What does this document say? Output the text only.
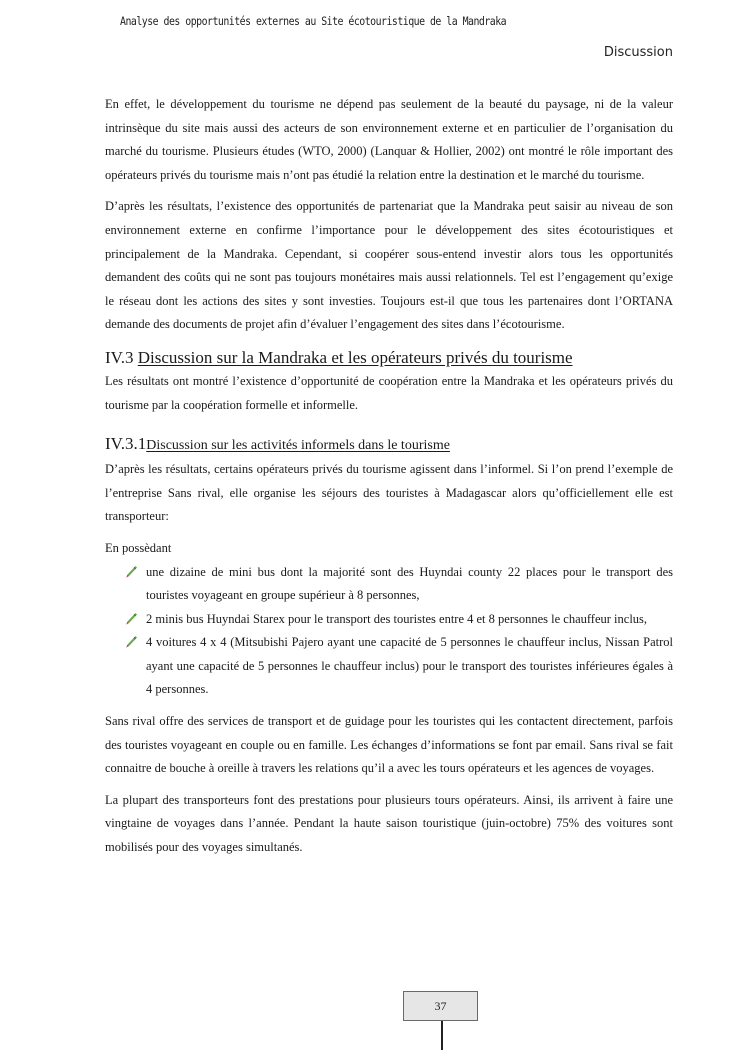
Analyse des opportunités externes au Site écotouristique de la Mandraka
Discussion

En effet, le développement du tourisme ne dépend pas seulement de la beauté du paysage, ni de la valeur intrinsèque du site mais aussi des acteurs de son environnement externe et en particulier de l’organisation du marché du tourisme. Plusieurs études (WTO, 2000) (Lanquar & Hollier, 2002) ont montré le rôle important des opérateurs privés du tourisme mais n’ont pas étudié la relation entre la destination et le marché du tourisme.

D’après les résultats, l’existence des opportunités de partenariat que la Mandraka peut saisir au niveau de son environnement externe en confirme l’importance pour le développement des sites écotouristiques et principalement de la Mandraka. Cependant, si coopérer sous-entend investir alors tous les opportunités demandent des coûts qui ne sont pas toujours monétaires mais aussi relationnels. Tel est l’engagement qu’exige le réseau dont les actions des sites y sont investies. Toujours est-il que tous les partenaires dont l’ORTANA demande des documents de projet afin d’évaluer l’engagement des sites dans l’écotourisme.

IV.3 Discussion sur la Mandraka et les opérateurs privés du tourisme

Les résultats ont montré l’existence d’opportunité de coopération entre la Mandraka et les opérateurs privés du tourisme par la coopération formelle et informelle.

IV.3.1Discussion sur les activités informels dans le tourisme

D’après les résultats, certains opérateurs privés du tourisme agissent dans l’informel. Si l’on prend l’exemple de l’entreprise Sans rival, elle organise les séjours des touristes à Madagascar alors qu’officiellement elle est transporteur:

En possèdant

une dizaine de mini bus dont la majorité sont des Huyndai county 22 places pour le transport des touristes voyageant en groupe supérieur à 8 personnes,
2 minis bus Huyndai Starex pour le transport des touristes entre 4 et 8 personnes le chauffeur inclus,
4 voitures 4 x 4 (Mitsubishi Pajero ayant une capacité de 5 personnes le chauffeur inclus, Nissan Patrol ayant une capacité de 5 personnes le chauffeur inclus) pour le transport des touristes inférieures égales à 4 personnes.

Sans rival offre des services de transport et de guidage pour les touristes qui les contactent directement, parfois des touristes voyageant en couple ou en famille. Les échanges d’informations se font par email. Sans rival se fait connaitre de bouche à oreille à travers les relations qu’il a avec les tours opérateurs et les agences de voyages.

La plupart des transporteurs font des prestations pour plusieurs tours opérateurs. Ainsi, ils arrivent à faire une vingtaine de voyages dans l’année. Pendant la haute saison touristique (juin-octobre) 75% des voitures sont mobilisés pour des voyages simultanés.

37
